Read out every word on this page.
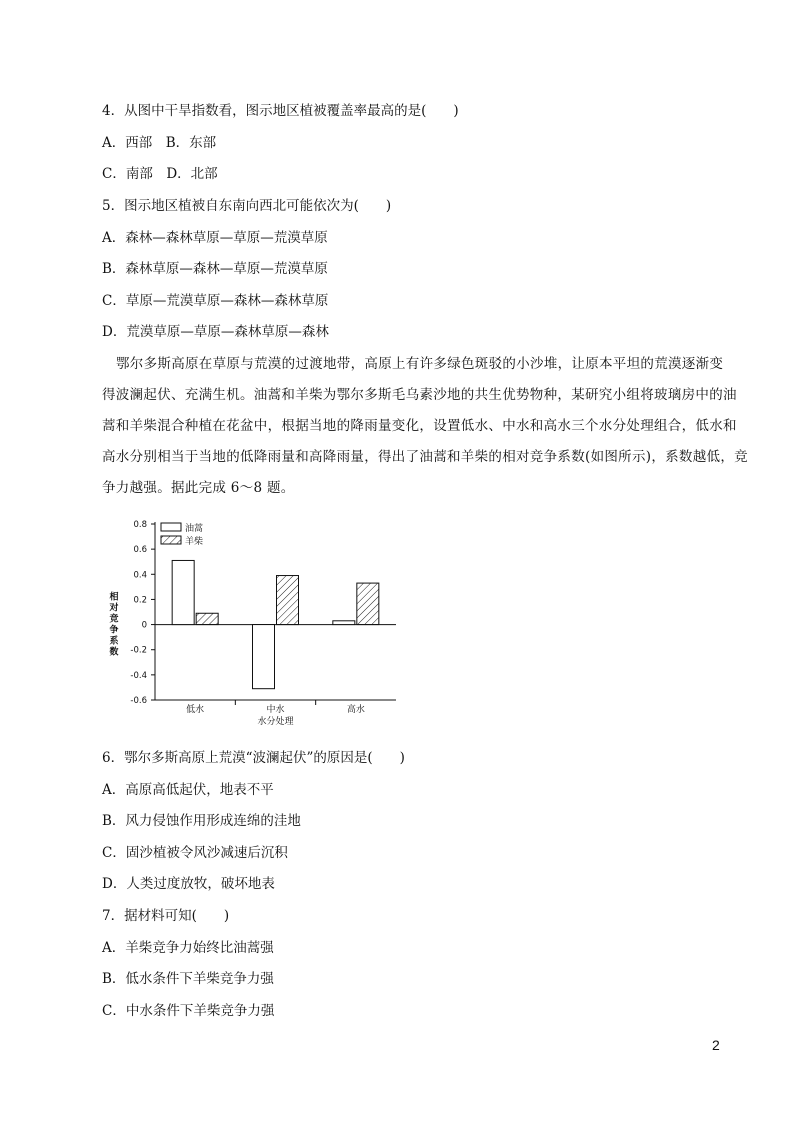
4．从图中干旱指数看，图示地区植被覆盖率最高的是(　　)
A．西部　B．东部
C．南部　D．北部
5．图示地区植被自东南向西北可能依次为(　　)
A．森林—森林草原—草原—荒漠草原
B．森林草原—森林—草原—荒漠草原
C．草原—荒漠草原—森林—森林草原
D．荒漠草原—草原—森林草原—森林
鄂尔多斯高原在草原与荒漠的过渡地带，高原上有许多绿色斑驳的小沙堆，让原本平坦的荒漠逐渐变
得波澜起伏、充满生机。油蒿和羊柴为鄂尔多斯毛乌素沙地的共生优势物种，某研究小组将玻璃房中的油
蒿和羊柴混合种植在花盆中，根据当地的降雨量变化，设置低水、中水和高水三个水分处理组合，低水和
高水分别相当于当地的低降雨量和高降雨量，得出了油蒿和羊柴的相对竞争系数(如图所示)，系数越低，竞
争力越强。据此完成 6～8 题。
0.8
0.6
0.4
0.2
0
-0.2
-0.4
-0.6
相
对
竞
争
系
数
低水	中水	高水
水分处理
油蒿
羊柴
6．鄂尔多斯高原上荒漠“波澜起伏”的原因是(　　)
A．高原高低起伏，地表不平
B．风力侵蚀作用形成连绵的洼地
C．固沙植被令风沙减速后沉积
D．人类过度放牧，破坏地表
7．据材料可知(　　)
A．羊柴竞争力始终比油蒿强
B．低水条件下羊柴竞争力强
C．中水条件下羊柴竞争力强
2
